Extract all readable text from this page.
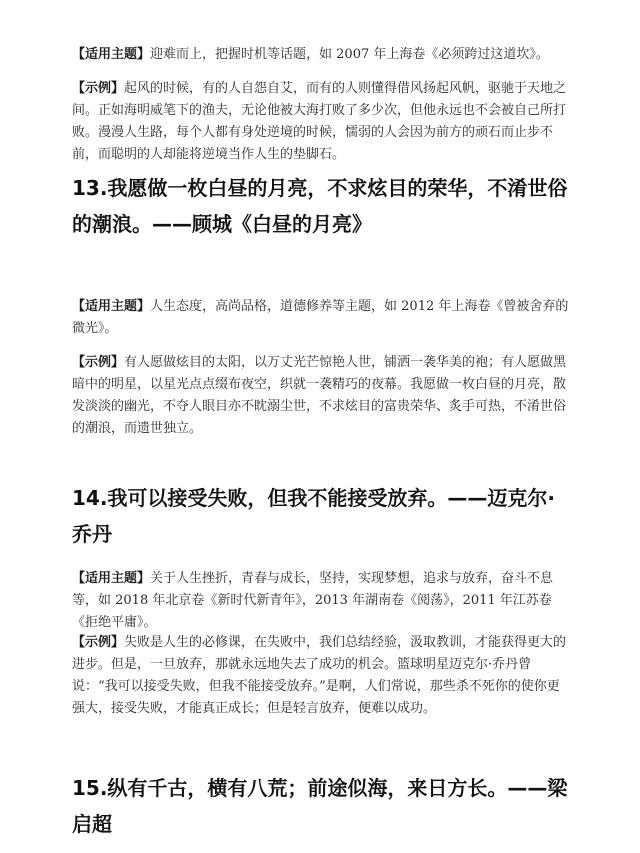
【适用主题】迎难而上，把握时机等话题，如 2007 年上海卷《必须跨过这道坎》。

【示例】起风的时候，有的人自怨自艾，而有的人则懂得借风扬起风帆，驱驰于天地之间。正如海明威笔下的渔夫，无论他被大海打败了多少次，但他永远也不会被自己所打败。漫漫人生路，每个人都有身处逆境的时候，懦弱的人会因为前方的顽石而止步不前，而聪明的人却能将逆境当作人生的垫脚石。

13.我愿做一枚白昼的月亮，不求炫目的荣华，不淆世俗的潮浪。——顾城《白昼的月亮》

【适用主题】人生态度，高尚品格，道德修养等主题，如 2012 年上海卷《曾被舍弃的微光》。

【示例】有人愿做炫目的太阳，以万丈光芒惊艳人世，铺洒一袭华美的袍；有人愿做黑暗中的明星，以星光点点缀布夜空，织就一袭精巧的夜幕。我愿做一枚白昼的月亮，散发淡淡的幽光，不夺人眼目亦不眈溺尘世，不求炫目的富贵荣华、炙手可热，不淆世俗的潮浪，而遗世独立。

14.我可以接受失败，但我不能接受放弃。——迈克尔·乔丹

【适用主题】关于人生挫折，青春与成长，坚持，实现梦想，追求与放弃，奋斗不息等，如 2018 年北京卷《新时代新青年》，2013 年湖南卷《阅荡》，2011 年江苏卷《拒绝平庸》。

【示例】失败是人生的必修课，在失败中，我们总结经验，汲取教训，才能获得更大的进步。但是，一旦放弃，那就永远地失去了成功的机会。篮球明星迈克尔·乔丹曾说：“我可以接受失败，但我不能接受放弃。”是啊，人们常说，那些杀不死你的使你更强大，接受失败，才能真正成长；但是轻言放弃，便难以成功。

15.纵有千古，横有八荒；前途似海，来日方长。——梁启超
